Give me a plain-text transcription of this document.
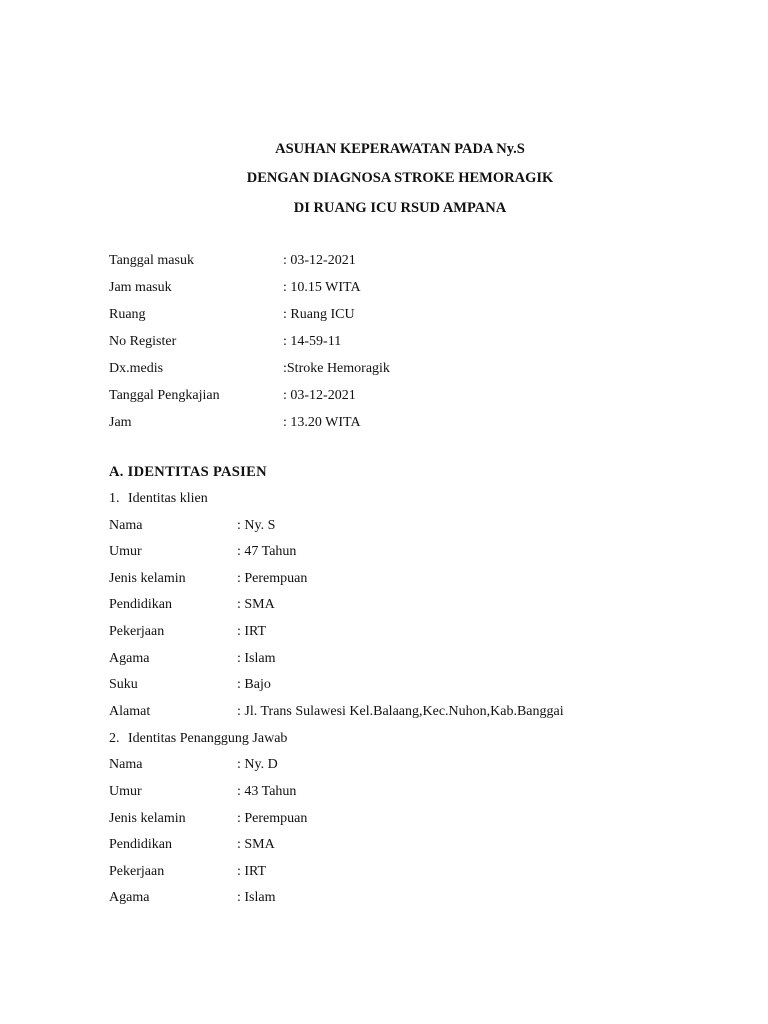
ASUHAN KEPERAWATAN PADA Ny.S
DENGAN DIAGNOSA STROKE HEMORAGIK
DI RUANG ICU RSUD AMPANA
Tanggal masuk	: 03-12-2021
Jam masuk	: 10.15 WITA
Ruang	: Ruang ICU
No Register	: 14-59-11
Dx.medis	:Stroke Hemoragik
Tanggal Pengkajian	: 03-12-2021
Jam	: 13.20 WITA
A. IDENTITAS PASIEN
1. Identitas klien
Nama	: Ny. S
Umur	: 47 Tahun
Jenis kelamin	: Perempuan
Pendidikan	: SMA
Pekerjaan	: IRT
Agama	: Islam
Suku	: Bajo
Alamat	: Jl. Trans Sulawesi Kel.Balaang,Kec.Nuhon,Kab.Banggai
2. Identitas Penanggung Jawab
Nama	: Ny. D
Umur	: 43 Tahun
Jenis kelamin	: Perempuan
Pendidikan	: SMA
Pekerjaan	: IRT
Agama	: Islam
